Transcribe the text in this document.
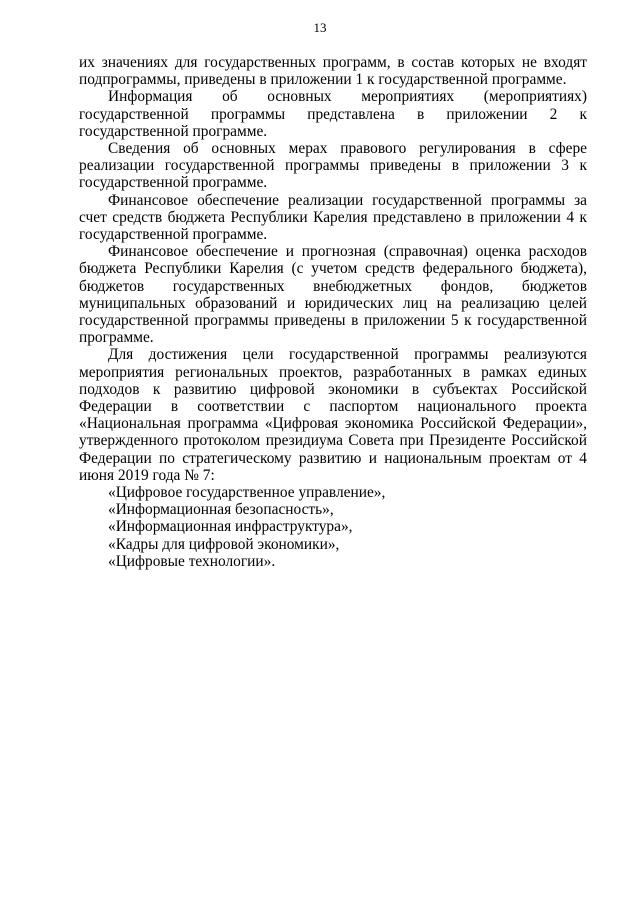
13

их значениях для государственных программ, в состав которых не входят подпрограммы, приведены в приложении 1 к государственной программе.

Информация об основных мероприятиях (мероприятиях) государственной программы представлена в приложении 2 к государственной программе.

Сведения об основных мерах правового регулирования в сфере реализации государственной программы приведены в приложении 3 к государственной программе.

Финансовое обеспечение реализации государственной программы за счет средств бюджета Республики Карелия представлено в приложении 4 к государственной программе.

Финансовое обеспечение и прогнозная (справочная) оценка расходов бюджета Республики Карелия (с учетом средств федерального бюджета), бюджетов государственных внебюджетных фондов, бюджетов муниципальных образований и юридических лиц на реализацию целей государственной программы приведены в приложении 5 к государственной программе.

Для достижения цели государственной программы реализуются мероприятия региональных проектов, разработанных в рамках единых подходов к развитию цифровой экономики в субъектах Российской Федерации в соответствии с паспортом национального проекта «Национальная программа «Цифровая экономика Российской Федерации», утвержденного протоколом президиума Совета при Президенте Российской Федерации по стратегическому развитию и национальным проектам от 4 июня 2019 года № 7:

«Цифровое государственное управление»,
«Информационная безопасность»,
«Информационная инфраструктура»,
«Кадры для цифровой экономики»,
«Цифровые технологии».
